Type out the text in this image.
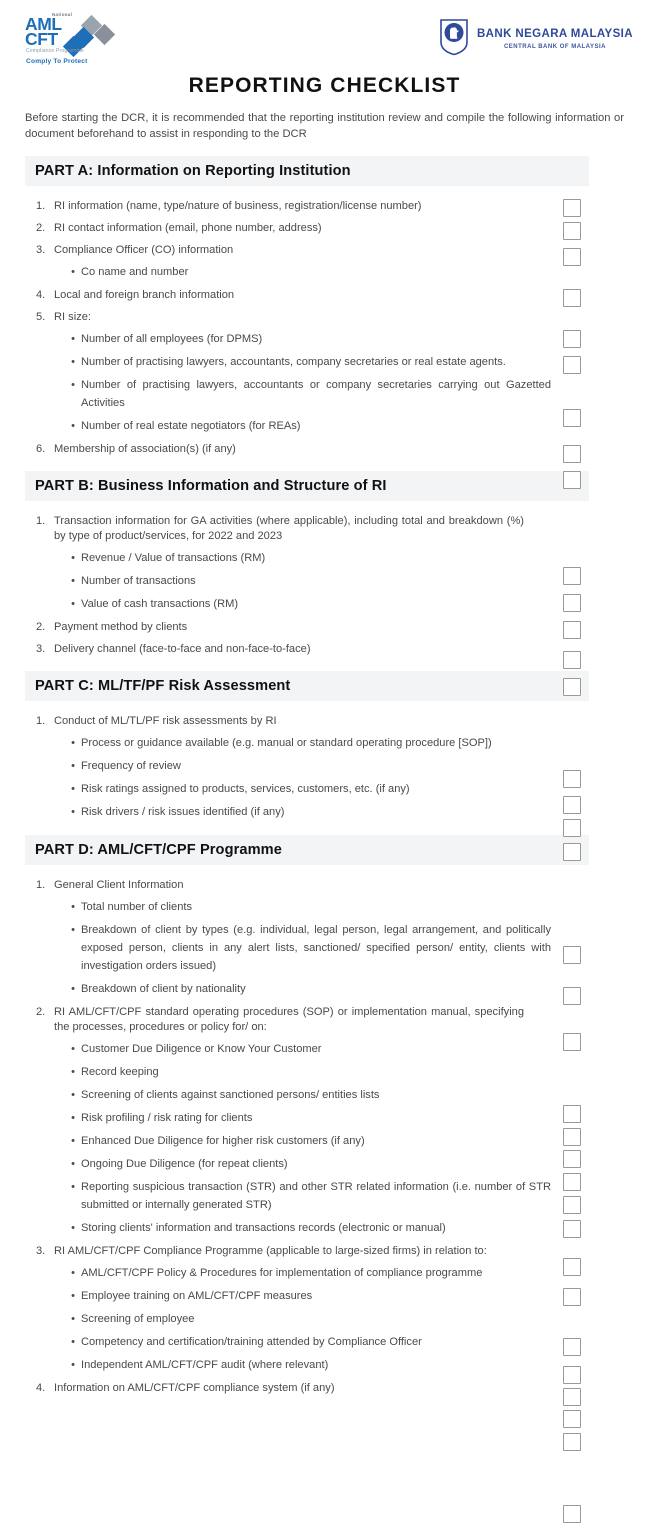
National
AML
CFT
Compliance Programme
Comply To Protect
BANK NEGARA MALAYSIA
CENTRAL BANK OF MALAYSIA
REPORTING CHECKLIST

Before starting the DCR, it is recommended that the reporting institution review and compile the following information or document beforehand to assist in responding to the DCR

PART A: Information on Reporting Institution
1. RI information (name, type/nature of business, registration/license number)
2. RI contact information (email, phone number, address)
3. Compliance Officer (CO) information
• Co name and number
4. Local and foreign branch information
5. RI size:
• Number of all employees (for DPMS)
• Number of practising lawyers, accountants, company secretaries or real estate agents.
• Number of practising lawyers, accountants or company secretaries carrying out Gazetted Activities
• Number of real estate negotiators (for REAs)
6. Membership of association(s) (if any)
PART B: Business Information and Structure of RI
1. Transaction information for GA activities (where applicable), including total and breakdown (%) by type of product/services, for 2022 and 2023
• Revenue / Value of transactions (RM)
• Number of transactions
• Value of cash transactions (RM)
2. Payment method by clients
3. Delivery channel (face-to-face and non-face-to-face)
PART C: ML/TF/PF Risk Assessment
1. Conduct of ML/TL/PF risk assessments by RI
• Process or guidance available (e.g. manual or standard operating procedure [SOP])
• Frequency of review
• Risk ratings assigned to products, services, customers, etc. (if any)
• Risk drivers / risk issues identified (if any)
PART D: AML/CFT/CPF Programme
1. General Client Information
• Total number of clients
• Breakdown of client by types (e.g. individual, legal person, legal arrangement, and politically exposed person, clients in any alert lists, sanctioned/ specified person/ entity, clients with investigation orders issued)
• Breakdown of client by nationality
2. RI AML/CFT/CPF standard operating procedures (SOP) or implementation manual, specifying the processes, procedures or policy for/ on:
• Customer Due Diligence or Know Your Customer
• Record keeping
• Screening of clients against sanctioned persons/ entities lists
• Risk profiling / risk rating for clients
• Enhanced Due Diligence for higher risk customers (if any)
• Ongoing Due Diligence (for repeat clients)
• Reporting suspicious transaction (STR) and other STR related information (i.e. number of STR submitted or internally generated STR)
• Storing clients' information and transactions records (electronic or manual)
3. RI AML/CFT/CPF Compliance Programme (applicable to large-sized firms) in relation to:
• AML/CFT/CPF Policy & Procedures for implementation of compliance programme
• Employee training on AML/CFT/CPF measures
• Screening of employee
• Competency and certification/training attended by Compliance Officer
• Independent AML/CFT/CPF audit (where relevant)
4. Information on AML/CFT/CPF compliance system (if any)
